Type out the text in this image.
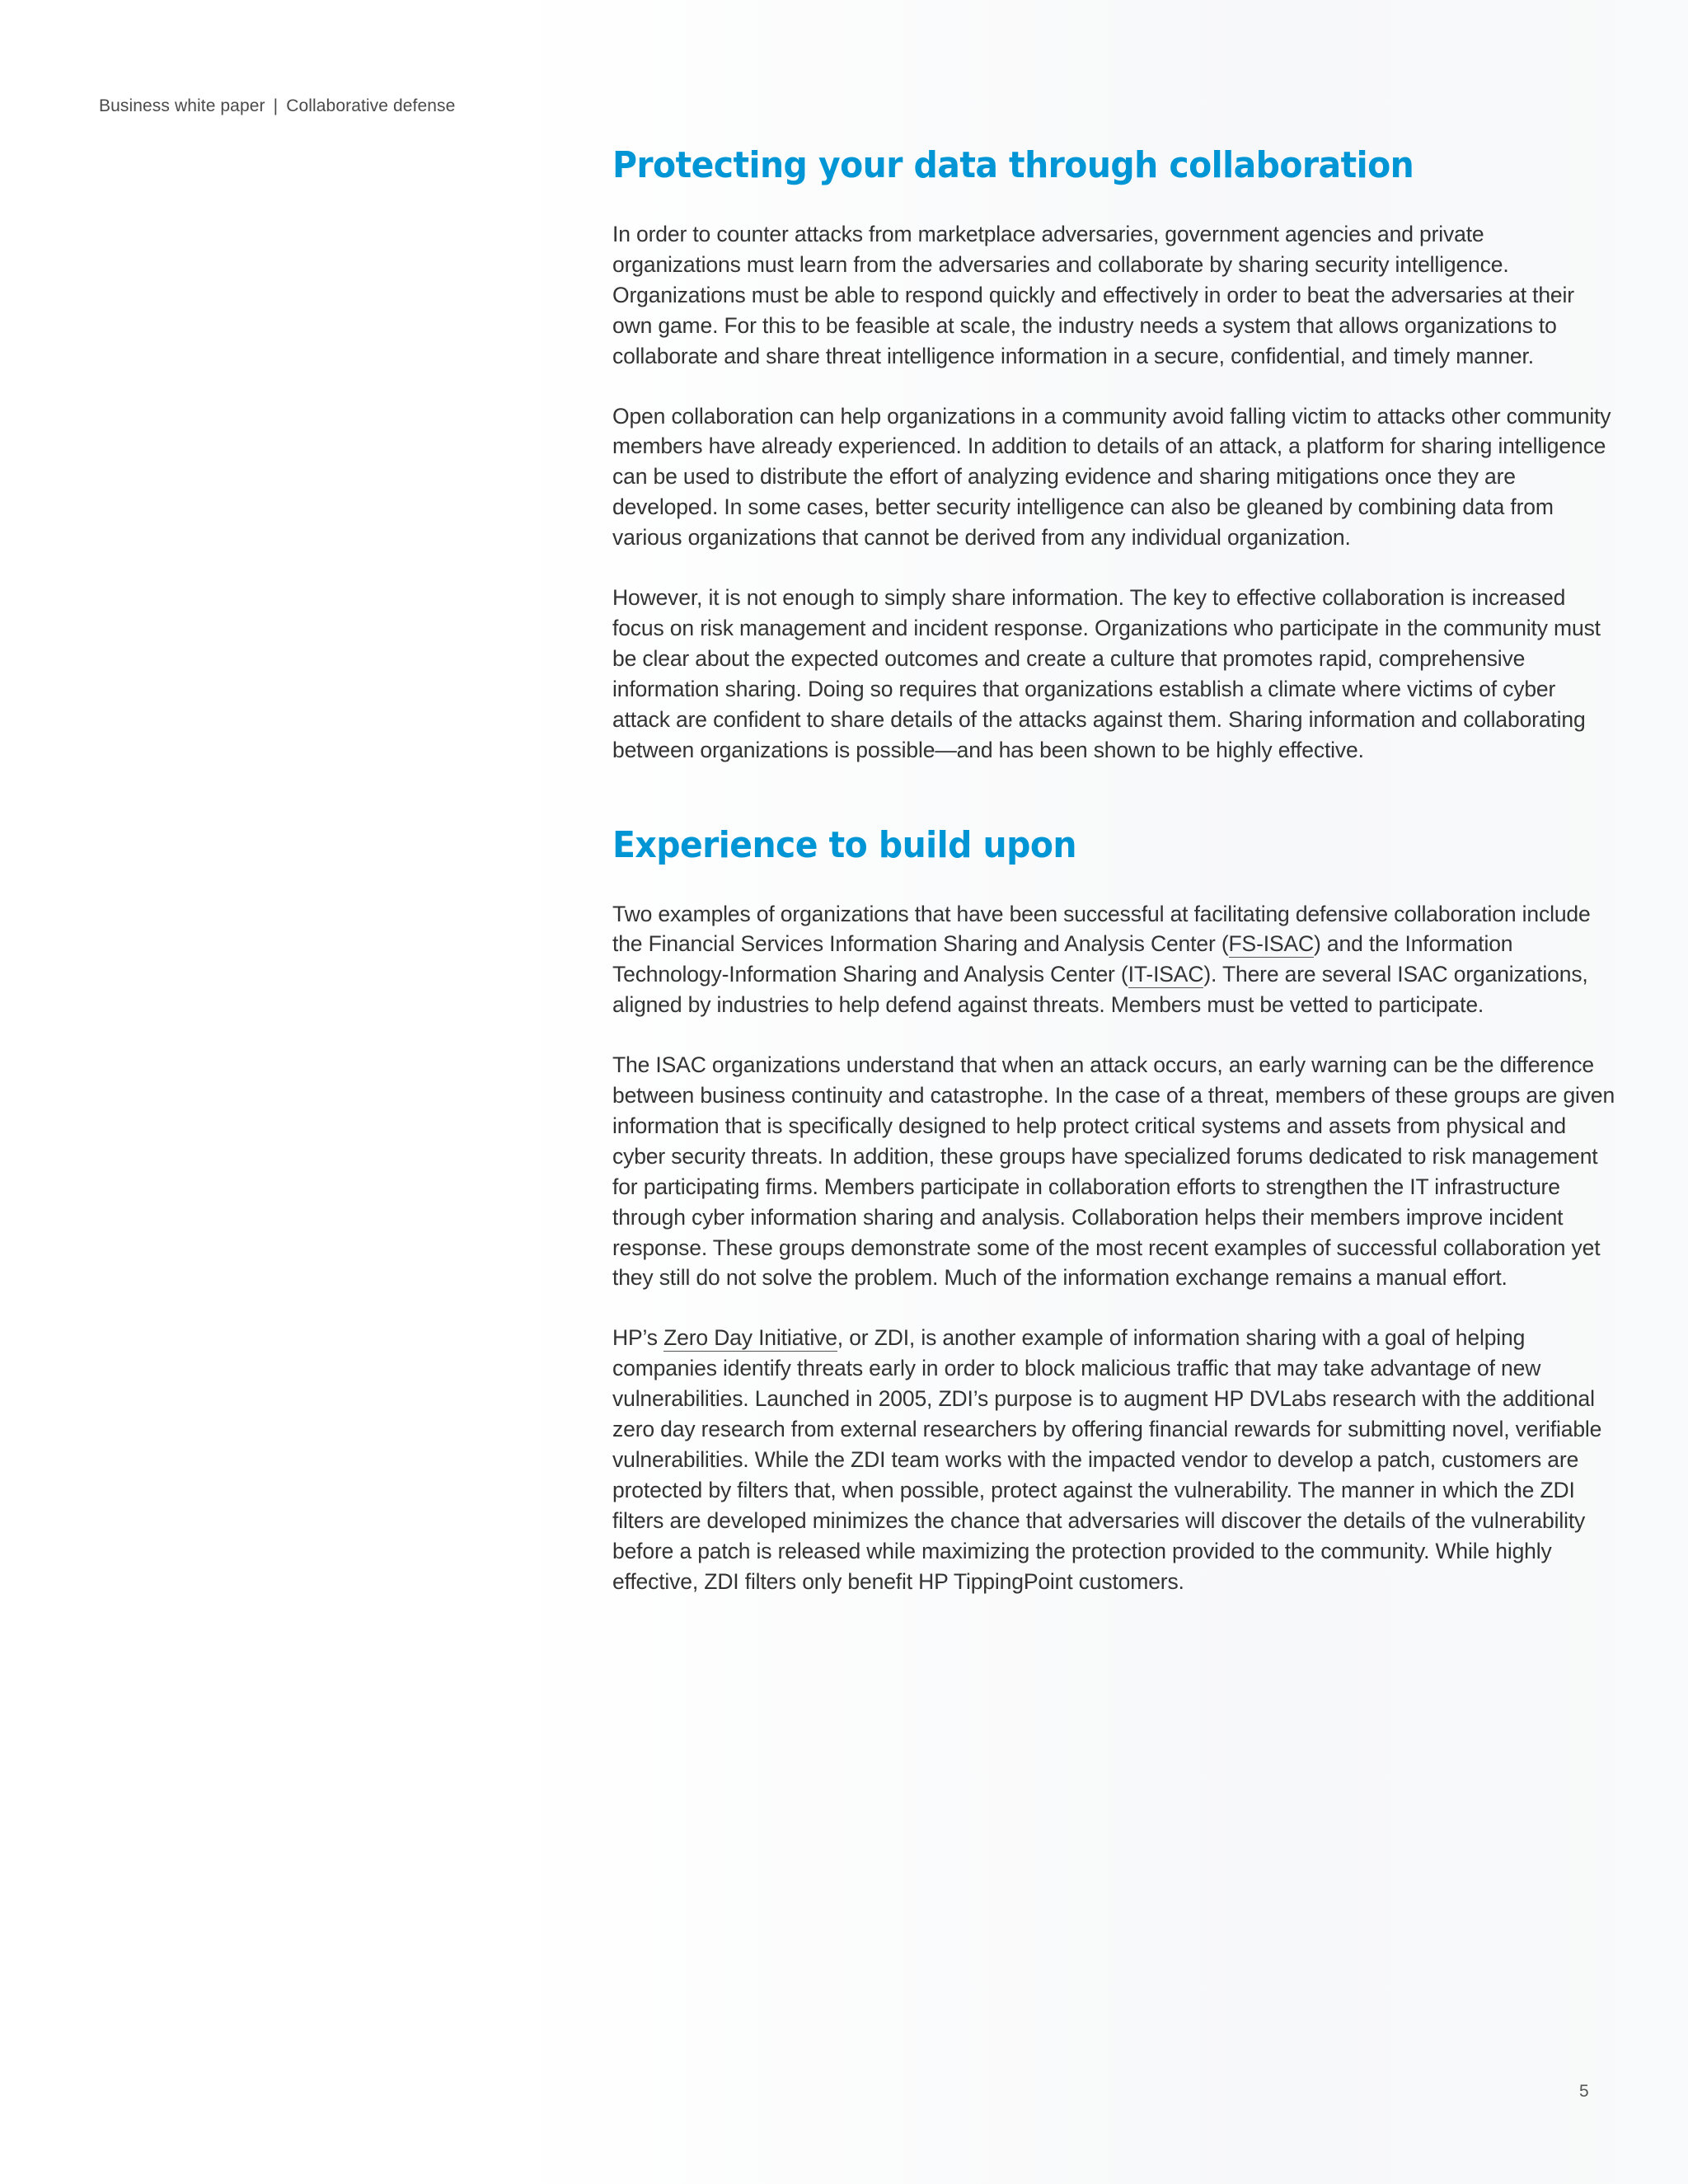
Business white paper | Collaborative defense
Protecting your data through collaboration

In order to counter attacks from marketplace adversaries, government agencies and private organizations must learn from the adversaries and collaborate by sharing security intelligence. Organizations must be able to respond quickly and effectively in order to beat the adversaries at their own game. For this to be feasible at scale, the industry needs a system that allows organizations to collaborate and share threat intelligence information in a secure, confidential, and timely manner.

Open collaboration can help organizations in a community avoid falling victim to attacks other community members have already experienced. In addition to details of an attack, a platform for sharing intelligence can be used to distribute the effort of analyzing evidence and sharing mitigations once they are developed. In some cases, better security intelligence can also be gleaned by combining data from various organizations that cannot be derived from any individual organization.

However, it is not enough to simply share information. The key to effective collaboration is increased focus on risk management and incident response. Organizations who participate in the community must be clear about the expected outcomes and create a culture that promotes rapid, comprehensive information sharing. Doing so requires that organizations establish a climate where victims of cyber attack are confident to share details of the attacks against them. Sharing information and collaborating between organizations is possible—and has been shown to be highly effective.

Experience to build upon

Two examples of organizations that have been successful at facilitating defensive collaboration include the Financial Services Information Sharing and Analysis Center (FS-ISAC) and the Information Technology-Information Sharing and Analysis Center (IT-ISAC). There are several ISAC organizations, aligned by industries to help defend against threats. Members must be vetted to participate.

The ISAC organizations understand that when an attack occurs, an early warning can be the difference between business continuity and catastrophe. In the case of a threat, members of these groups are given information that is specifically designed to help protect critical systems and assets from physical and cyber security threats. In addition, these groups have specialized forums dedicated to risk management for participating firms. Members participate in collaboration efforts to strengthen the IT infrastructure through cyber information sharing and analysis. Collaboration helps their members improve incident response. These groups demonstrate some of the most recent examples of successful collaboration yet they still do not solve the problem. Much of the information exchange remains a manual effort.

HP’s Zero Day Initiative, or ZDI, is another example of information sharing with a goal of helping companies identify threats early in order to block malicious traffic that may take advantage of new vulnerabilities. Launched in 2005, ZDI’s purpose is to augment HP DVLabs research with the additional zero day research from external researchers by offering financial rewards for submitting novel, verifiable vulnerabilities. While the ZDI team works with the impacted vendor to develop a patch, customers are protected by filters that, when possible, protect against the vulnerability. The manner in which the ZDI filters are developed minimizes the chance that adversaries will discover the details of the vulnerability before a patch is released while maximizing the protection provided to the community. While highly effective, ZDI filters only benefit HP TippingPoint customers.

5
